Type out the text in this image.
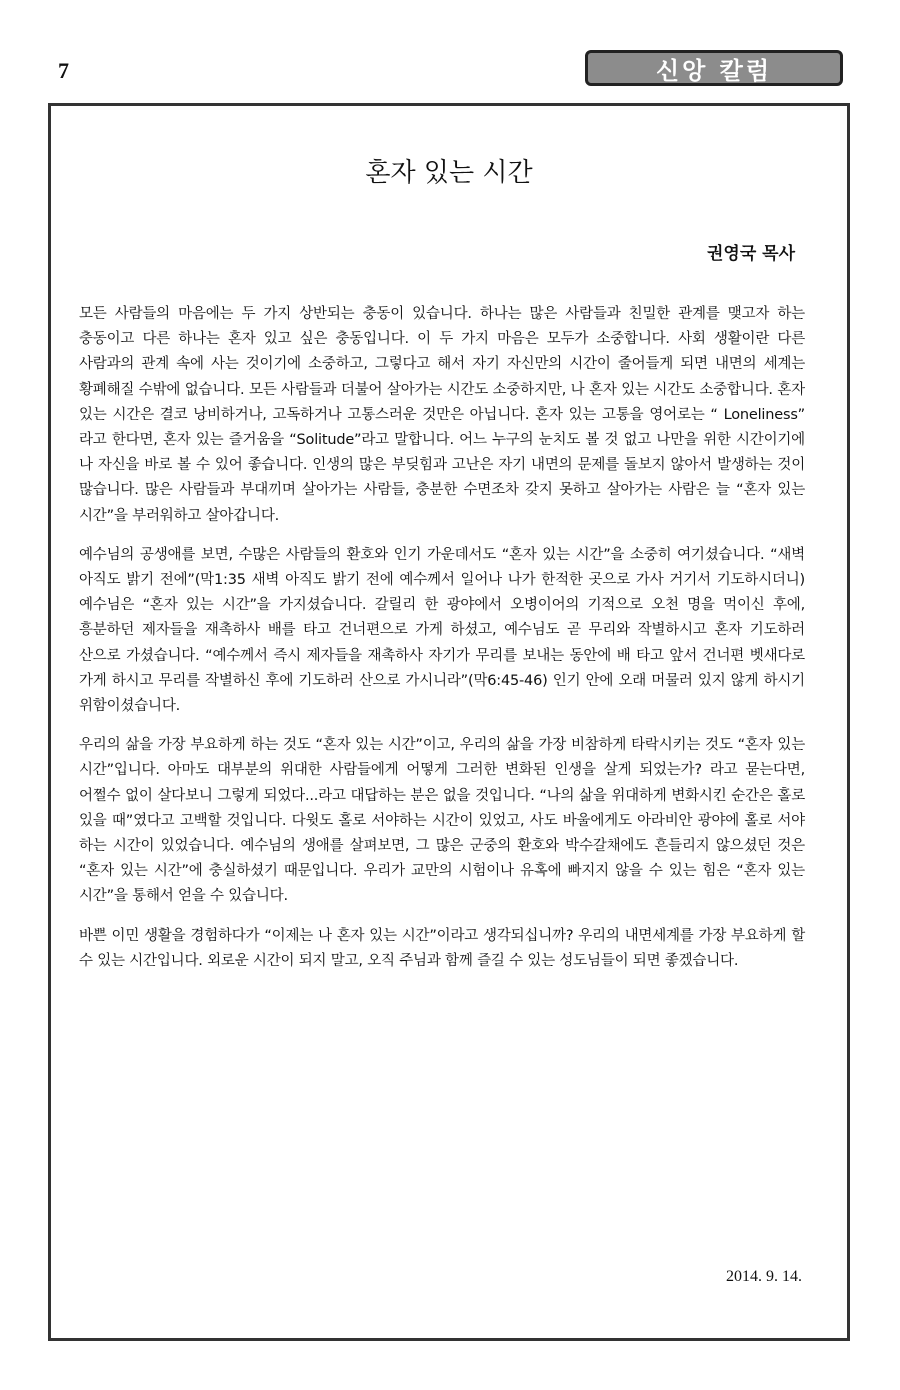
7	신앙 칼럼
혼자 있는 시간
권영국 목사

모든 사람들의 마음에는 두 가지 상반되는 충동이 있습니다. 하나는 많은 사람들과 친밀한 관계를 맺고자 하는 충동이고 다른 하나는 혼자 있고 싶은 충동입니다. 이 두 가지 마음은 모두가 소중합니다. 사회 생활이란 다른 사람과의 관계 속에 사는 것이기에 소중하고, 그렇다고 해서 자기 자신만의 시간이 줄어들게 되면 내면의 세계는 황폐해질 수밖에 없습니다. 모든 사람들과 더불어 살아가는 시간도 소중하지만, 나 혼자 있는 시간도 소중합니다. 혼자 있는 시간은 결코 낭비하거나, 고독하거나 고통스러운 것만은 아닙니다. 혼자 있는 고통을 영어로는 “ Loneliness” 라고 한다면, 혼자 있는 즐거움을 “Solitude”라고 말합니다. 어느 누구의 눈치도 볼 것 없고 나만을 위한 시간이기에 나 자신을 바로 볼 수 있어 좋습니다. 인생의 많은 부딪힘과 고난은 자기 내면의 문제를 돌보지 않아서 발생하는 것이 많습니다. 많은 사람들과 부대끼며 살아가는 사람들, 충분한 수면조차 갖지 못하고 살아가는 사람은 늘 “혼자 있는 시간”을 부러워하고 살아갑니다.

예수님의 공생애를 보면, 수많은 사람들의 환호와 인기 가운데서도 “혼자 있는 시간”을 소중히 여기셨습니다. “새벽 아직도 밝기 전에”(막1:35 새벽 아직도 밝기 전에 예수께서 일어나 나가 한적한 곳으로 가사 거기서 기도하시더니) 예수님은 “혼자 있는 시간”을 가지셨습니다. 갈릴리 한 광야에서 오병이어의 기적으로 오천 명을 먹이신 후에, 흥분하던 제자들을 재촉하사 배를 타고 건너편으로 가게 하셨고, 예수님도 곧 무리와 작별하시고 혼자 기도하러 산으로 가셨습니다. “예수께서 즉시 제자들을 재촉하사 자기가 무리를 보내는 동안에 배 타고 앞서 건너편 벳새다로 가게 하시고 무리를 작별하신 후에 기도하러 산으로 가시니라”(막6:45-46) 인기 안에 오래 머물러 있지 않게 하시기 위함이셨습니다.

우리의 삶을 가장 부요하게 하는 것도 “혼자 있는 시간”이고, 우리의 삶을 가장 비참하게 타락시키는 것도 “혼자 있는 시간”입니다. 아마도 대부분의 위대한 사람들에게 어떻게 그러한 변화된 인생을 살게 되었는가? 라고 묻는다면, 어쩔수 없이 살다보니 그렇게 되었다...라고 대답하는 분은 없을 것입니다. “나의 삶을 위대하게 변화시킨 순간은 홀로 있을 때”였다고 고백할 것입니다. 다윗도 홀로 서야하는 시간이 있었고, 사도 바울에게도 아라비안 광야에 홀로 서야 하는 시간이 있었습니다. 예수님의 생애를 살펴보면, 그 많은 군중의 환호와 박수갈채에도 흔들리지 않으셨던 것은 “혼자 있는 시간”에 충실하셨기 때문입니다. 우리가 교만의 시험이나 유혹에 빠지지 않을 수 있는 힘은 “혼자 있는 시간”을 통해서 얻을 수 있습니다.

바쁜 이민 생활을 경험하다가 “이제는 나 혼자 있는 시간”이라고 생각되십니까? 우리의 내면세계를 가장 부요하게 할 수 있는 시간입니다. 외로운 시간이 되지 말고, 오직 주님과 함께 즐길 수 있는 성도님들이 되면 좋겠습니다.

2014. 9. 14.
